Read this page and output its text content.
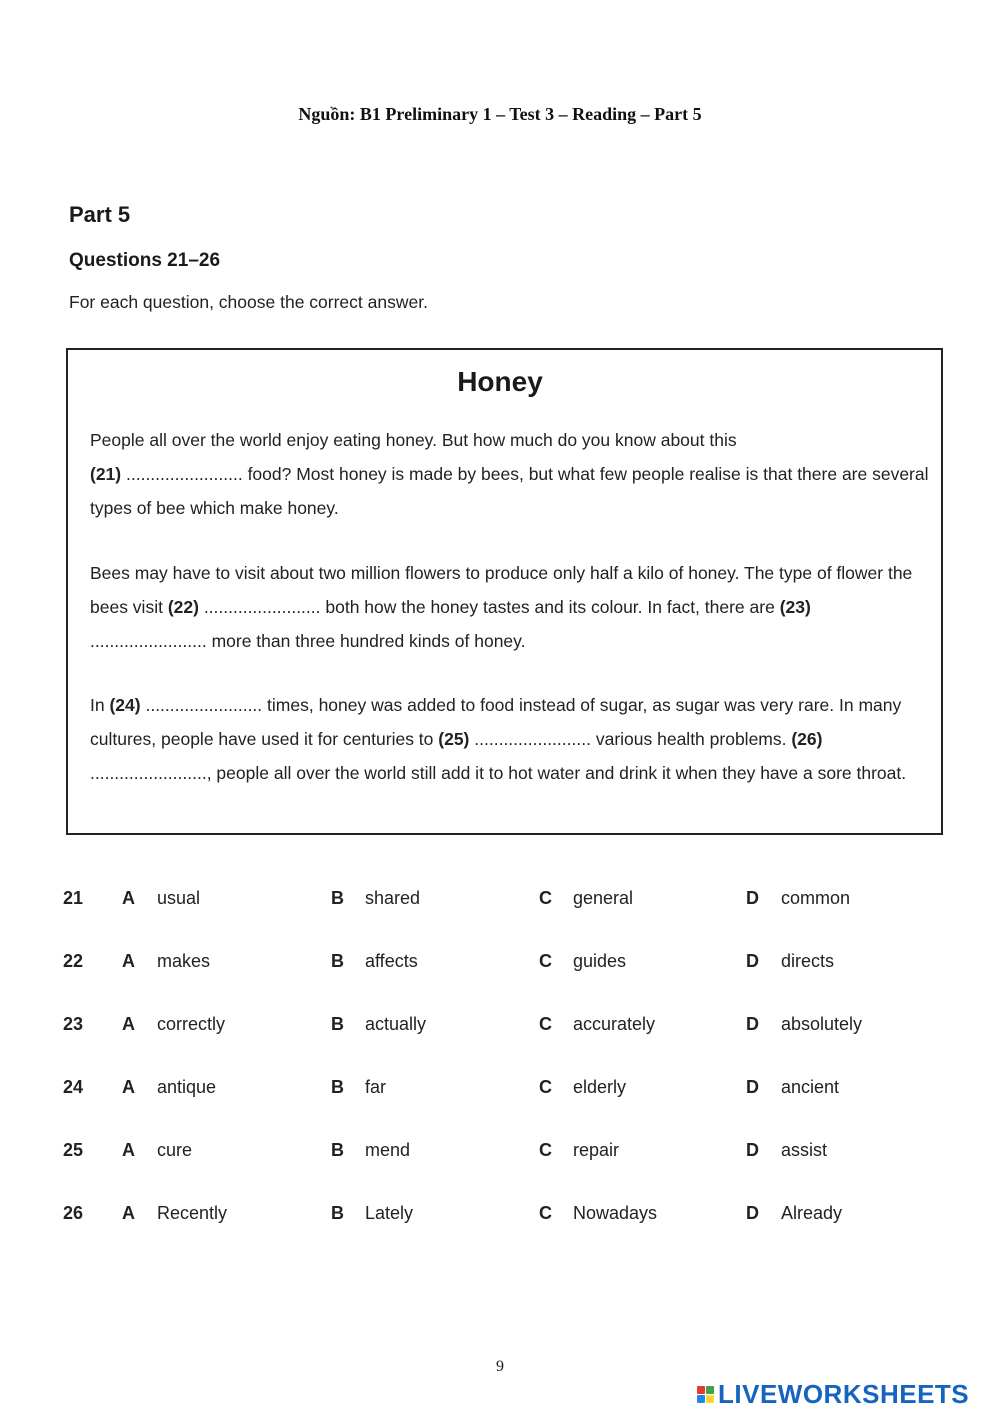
Nguồn: B1 Preliminary 1 – Test 3 – Reading – Part 5
Part 5
Questions 21–26
For each question, choose the correct answer.
Honey
People all over the world enjoy eating honey. But how much do you know about this
(21) ........................ food? Most honey is made by bees, but what few people realise is that there are several types of bee which make honey.
Bees may have to visit about two million flowers to produce only half a kilo of honey. The type of flower the bees visit (22) ........................ both how the honey tastes and its colour. In fact, there are (23) ........................ more than three hundred kinds of honey.
In (24) ........................ times, honey was added to food instead of sugar, as sugar was very rare. In many cultures, people have used it for centuries to (25) ........................ various health problems. (26) ........................, people all over the world still add it to hot water and drink it when they have a sore throat.
21 A usual	B shared	C general	D common
22 A makes	B affects	C guides	D directs
23 A correctly	B actually	C accurately	D absolutely
24 A antique	B far	C elderly	D ancient
25 A cure	B mend	C repair	D assist
26 A Recently	B Lately	C Nowadays	D Already
9
LIVEWORKSHEETS
